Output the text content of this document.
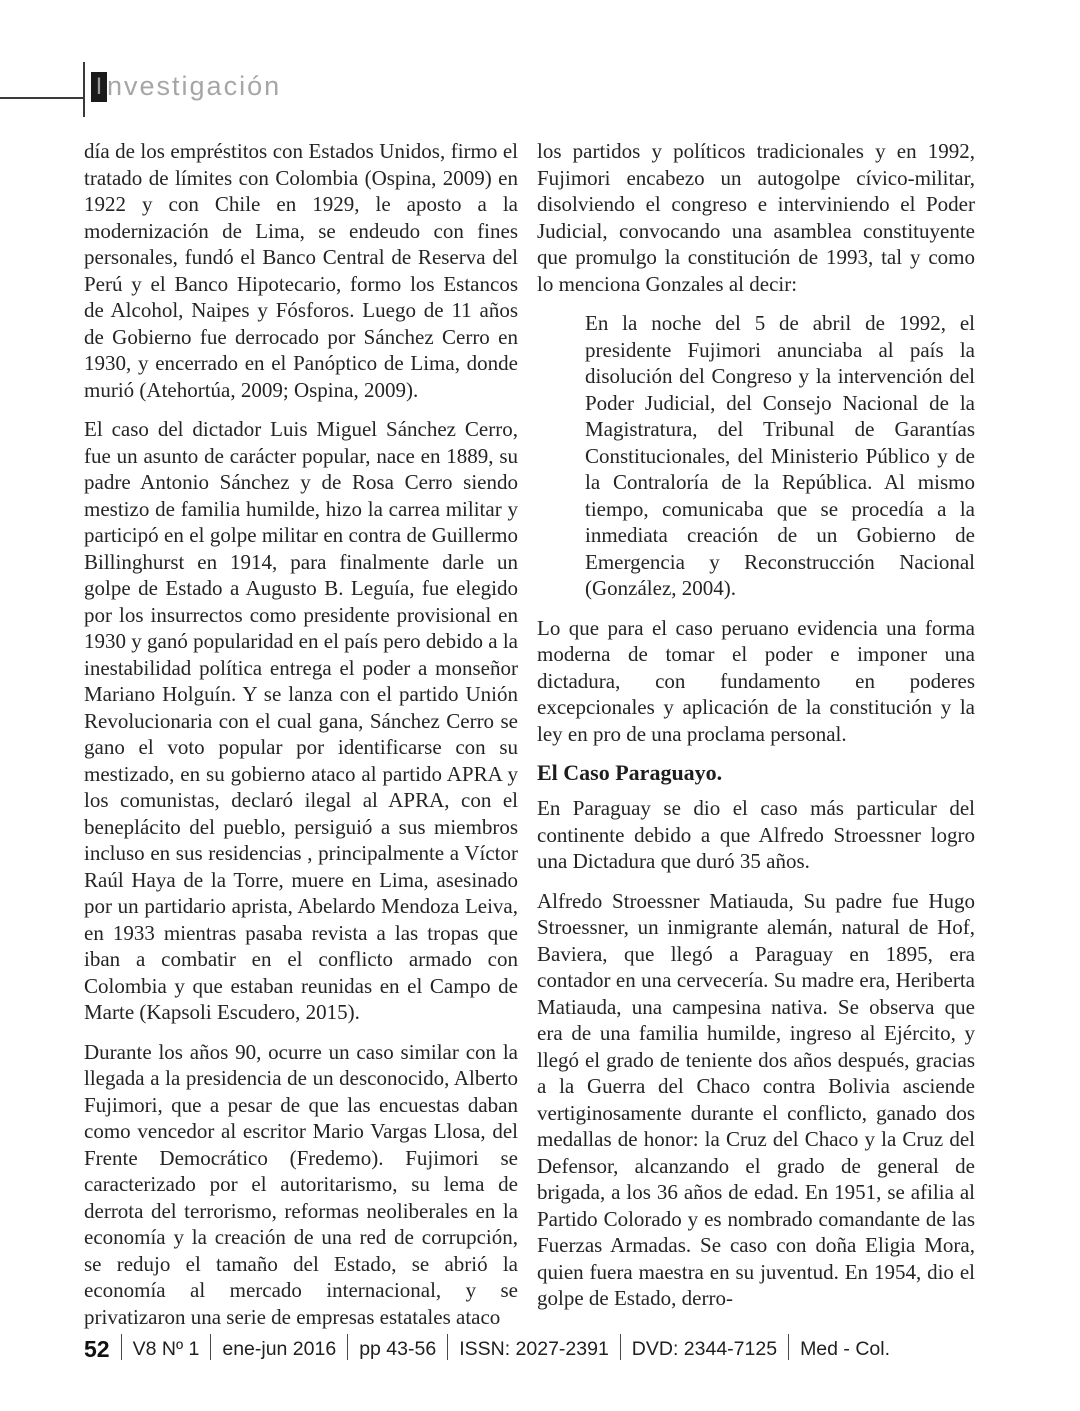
I nvestigación

día de los empréstitos con Estados Unidos, firmo el tratado de límites con Colombia (Ospina, 2009) en 1922 y con Chile en 1929, le aposto a la modernización de Lima, se endeudo con fines personales, fundó el Banco Central de Reserva del Perú y el Banco Hipotecario, formo los Estancos de Alcohol, Naipes y Fósforos. Luego de 11 años de Gobierno fue derrocado por Sánchez Cerro en 1930, y encerrado en el Panóptico de Lima, donde murió (Atehortúa, 2009; Ospina, 2009).

El caso del dictador Luis Miguel Sánchez Cerro, fue un asunto de carácter popular, nace en 1889, su padre Antonio Sánchez y de Rosa Cerro siendo mestizo de familia humilde, hizo la carrea militar y participó en el golpe militar en contra de Guillermo Billinghurst en 1914, para finalmente darle un golpe de Estado a Augusto B. Leguía, fue elegido por los insurrectos como presidente provisional en 1930 y ganó popularidad en el país pero debido a la inestabilidad política entrega el poder a monseñor Mariano Holguín. Y se lanza con el partido Unión Revolucionaria con el cual gana, Sánchez Cerro se gano el voto popular por identificarse con su mestizado, en su gobierno ataco al partido APRA y los comunistas, declaró ilegal al APRA, con el beneplácito del pueblo, persiguió a sus miembros incluso en sus residencias , principalmente a Víctor Raúl Haya de la Torre, muere en Lima, asesinado por un partidario aprista, Abelardo Mendoza Leiva, en 1933 mientras pasaba revista a las tropas que iban a combatir en el conflicto armado con Colombia y que estaban reunidas en el Campo de Marte (Kapsoli Escudero, 2015).

Durante los años 90, ocurre un caso similar con la llegada a la presidencia de un desconocido, Alberto Fujimori, que a pesar de que las encuestas daban como vencedor al escritor Mario Vargas Llosa, del Frente Democrático (Fredemo). Fujimori se caracterizado por el autoritarismo, su lema de derrota del terrorismo, reformas neoliberales en la economía y la creación de una red de corrupción, se redujo el tamaño del Estado, se abrió la economía al mercado internacional, y se privatizaron una serie de empresas estatales ataco

los partidos y políticos tradicionales y en 1992, Fujimori encabezo un autogolpe cívico-militar, disolviendo el congreso e interviniendo el Poder Judicial, convocando una asamblea constituyente que promulgo la constitución de 1993, tal y como lo menciona Gonzales al decir:

En la noche del 5 de abril de 1992, el presidente Fujimori anunciaba al país la disolución del Congreso y la intervención del Poder Judicial, del Consejo Nacional de la Magistratura, del Tribunal de Garantías Constitucionales, del Ministerio Público y de la Contraloría de la República. Al mismo tiempo, comunicaba que se procedía a la inmediata creación de un Gobierno de Emergencia y Reconstrucción Nacional (González, 2004).

Lo que para el caso peruano evidencia una forma moderna de tomar el poder e imponer una dictadura, con fundamento en poderes excepcionales y aplicación de la constitución y la ley en pro de una proclama personal.

El Caso Paraguayo.

En Paraguay se dio el caso más particular del continente debido a que Alfredo Stroessner logro una Dictadura que duró 35 años.

Alfredo Stroessner Matiauda, Su padre fue Hugo Stroessner, un inmigrante alemán, natural de Hof, Baviera, que llegó a Paraguay en 1895, era contador en una cervecería. Su madre era, Heriberta Matiauda, una campesina nativa. Se observa que era de una familia humilde, ingreso al Ejército, y llegó el grado de teniente dos años después, gracias a la Guerra del Chaco contra Bolivia asciende vertiginosamente durante el conflicto, ganado dos medallas de honor: la Cruz del Chaco y la Cruz del Defensor, alcanzando el grado de general de brigada, a los 36 años de edad. En 1951, se afilia al Partido Colorado y es nombrado comandante de las Fuerzas Armadas. Se caso con doña Eligia Mora, quien fuera maestra en su juventud. En 1954, dio el golpe de Estado, derro-

52 V8 Nº 1 ene-jun 2016 pp 43-56 ISSN: 2027-2391 DVD: 2344-7125 Med - Col.
